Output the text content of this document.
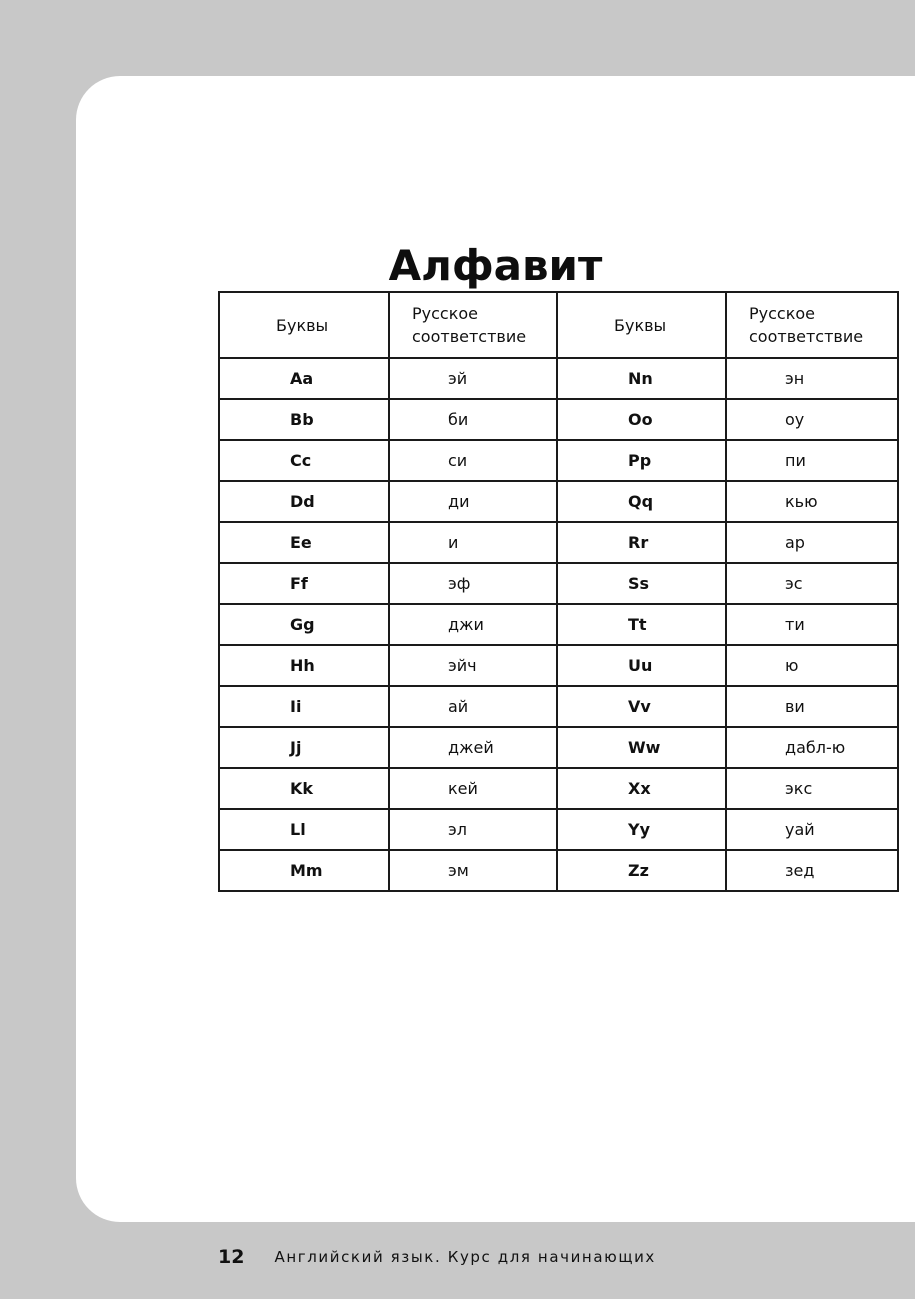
Алфавит
Буквы	Русское соответствие	Буквы	Русское соответствие
Aa	эй	Nn	эн
Bb	би	Oo	оу
Cc	си	Pp	пи
Dd	ди	Qq	кью
Ee	и	Rr	ар
Ff	эф	Ss	эс
Gg	джи	Tt	ти
Hh	эйч	Uu	ю
Ii	ай	Vv	ви
Jj	джей	Ww	дабл-ю
Kk	кей	Xx	экс
Ll	эл	Yy	уай
Mm	эм	Zz	зед
12 Английский язык. Курс для начинающих
